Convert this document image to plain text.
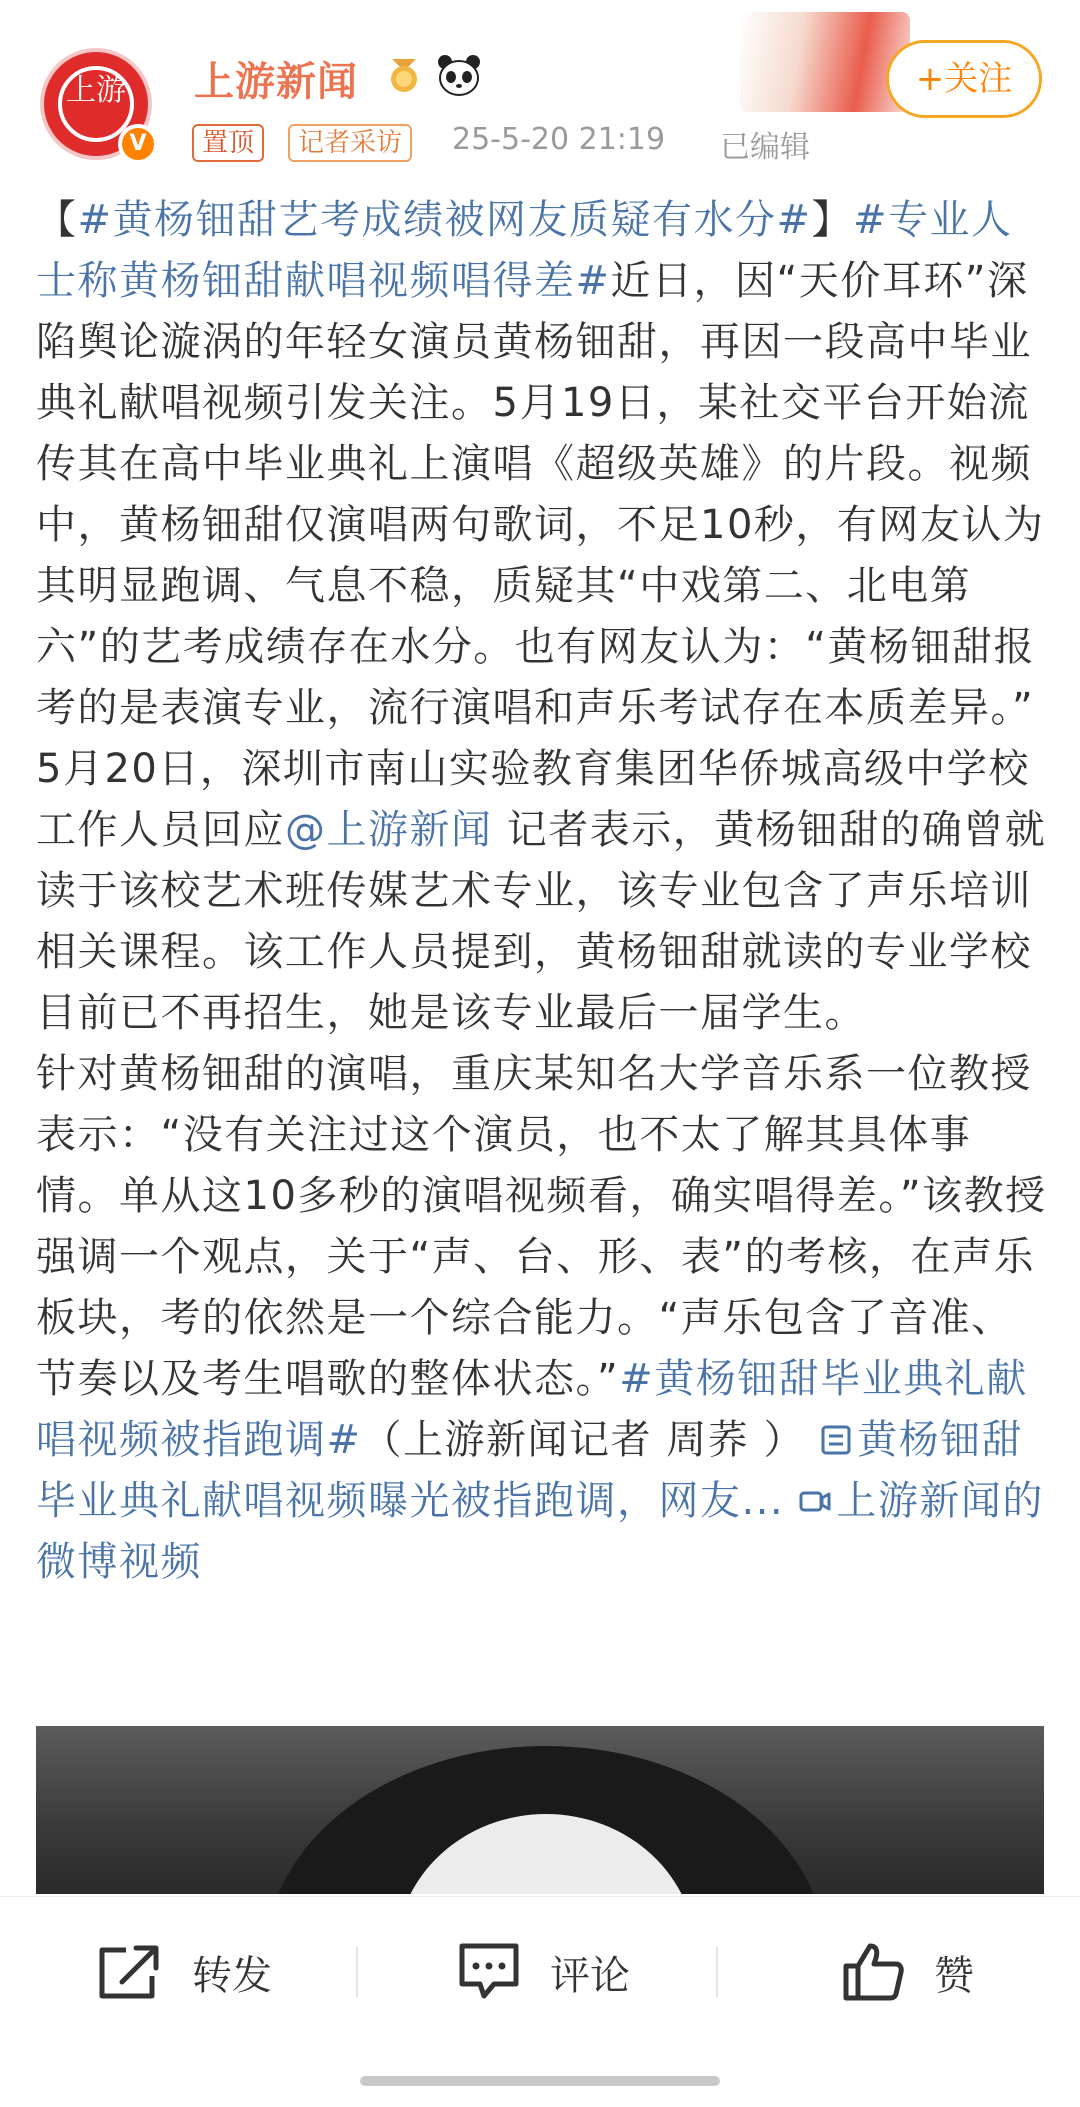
上游
V
上游新闻
置顶	记者采访	25-5-20 21:19 已编辑
+关注

【#黄杨钿甜艺考成绩被网友质疑有水分#】#专业人士称黄杨钿甜献唱视频唱得差#近日，因“天价耳环”深陷舆论漩涡的年轻女演员黄杨钿甜，再因一段高中毕业典礼献唱视频引发关注。5月19日，某社交平台开始流传其在高中毕业典礼上演唱《超级英雄》的片段。视频中，黄杨钿甜仅演唱两句歌词，不足10秒，有网友认为其明显跑调、气息不稳，质疑其“中戏第二、北电第六”的艺考成绩存在水分。也有网友认为：“黄杨钿甜报考的是表演专业，流行演唱和声乐考试存在本质差异。”

5月20日，深圳市南山实验教育集团华侨城高级中学校工作人员回应@上游新闻 记者表示，黄杨钿甜的确曾就读于该校艺术班传媒艺术专业，该专业包含了声乐培训相关课程。该工作人员提到，黄杨钿甜就读的专业学校目前已不再招生，她是该专业最后一届学生。

针对黄杨钿甜的演唱，重庆某知名大学音乐系一位教授表示：“没有关注过这个演员，也不太了解其具体事情。单从这10多秒的演唱视频看，确实唱得差。”该教授强调一个观点，关于“声、台、形、表”的考核，在声乐板块，考的依然是一个综合能力。“声乐包含了音准、节奏以及考生唱歌的整体状态。”#黄杨钿甜毕业典礼献唱视频被指跑调#（上游新闻记者 周荞 ） 黄杨钿甜毕业典礼献唱视频曝光被指跑调，网友... 上游新闻的微博视频

转发	评论	赞
